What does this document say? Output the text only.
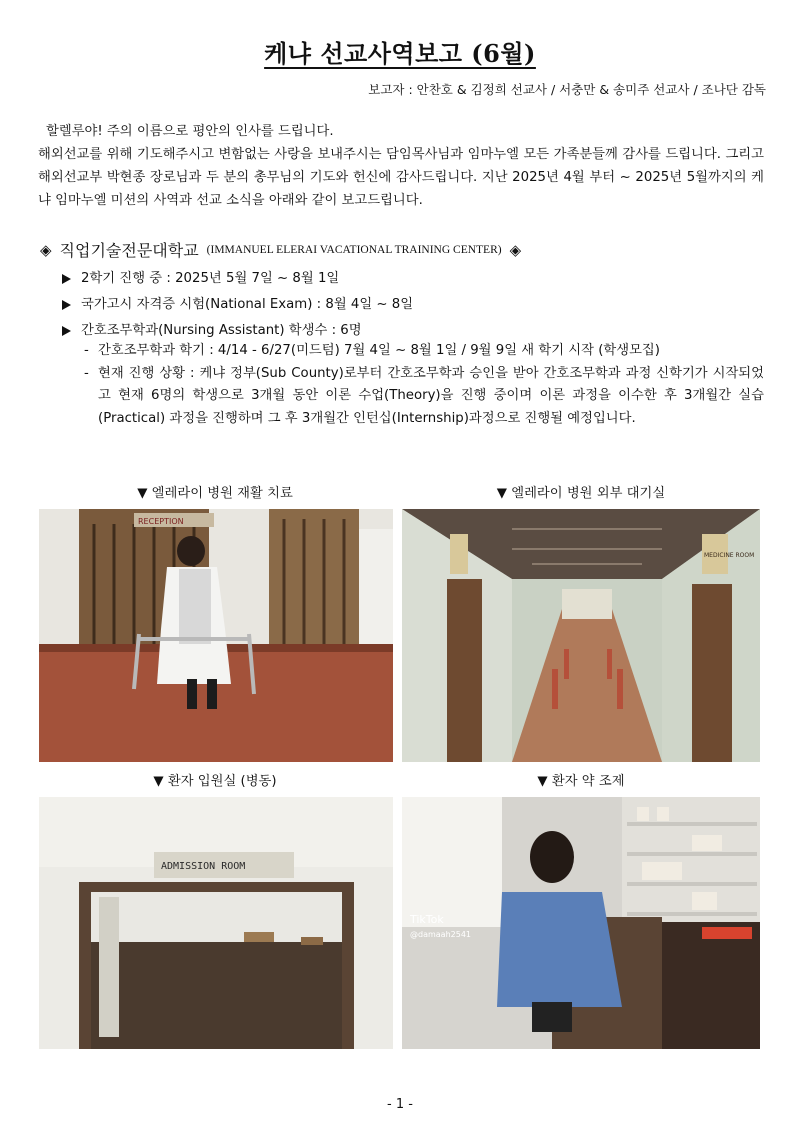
케냐 선교사역보고 (6월)
보고자 : 안찬호 & 김정희 선교사 / 서충만 & 송미주 선교사 / 조나단 감독

할렐루야! 주의 이름으로 평안의 인사를 드립니다.

해외선교를 위해 기도해주시고 변함없는 사랑을 보내주시는 담임목사님과 임마누엘 모든 가족분들께 감사를 드립니다. 그리고 해외선교부 박현종 장로님과 두 분의 총무님의 기도와 헌신에 감사드립니다. 지난 2025년 4월 부터 ~ 2025년 5월까지의 케냐 임마누엘 미션의 사역과 선교 소식을 아래와 같이 보고드립니다.

◈ 직업기술전문대학교 (IMMANUEL ELERAI VACATIONAL TRAINING CENTER) ◈
2학기 진행 중 : 2025년 5월 7일 ~ 8월 1일
국가고시 자격증 시험(National Exam) : 8월 4일 ~ 8일
간호조무학과(Nursing Assistant) 학생수 : 6명
- 간호조무학과 학기 : 4/14 - 6/27(미드텀) 7월 4일 ~ 8월 1일 / 9월 9일 새 학기 시작 (학생모집)
- 현재 진행 상황 : 케냐 정부(Sub County)로부터 간호조무학과 승인을 받아 간호조무학과 과정 신학기가 시작되었고 현재 6명의 학생으로 3개월 동안 이론 수업(Theory)을 진행 중이며 이론 과정을 이수한 후 3개월간 실습(Practical) 과정을 진행하며 그 후 3개월간 인턴십(Internship)과정으로 진행될 예정입니다.
▼ 엘레라이 병원 재활 치료	▼ 엘레라이 병원 외부 대기실
RECEPTION
MEDICINE ROOM
▼ 환자 입원실 (병동)	▼ 환자 약 조제
ADMISSION ROOM
TikTok
@damaah2541
- 1 -
